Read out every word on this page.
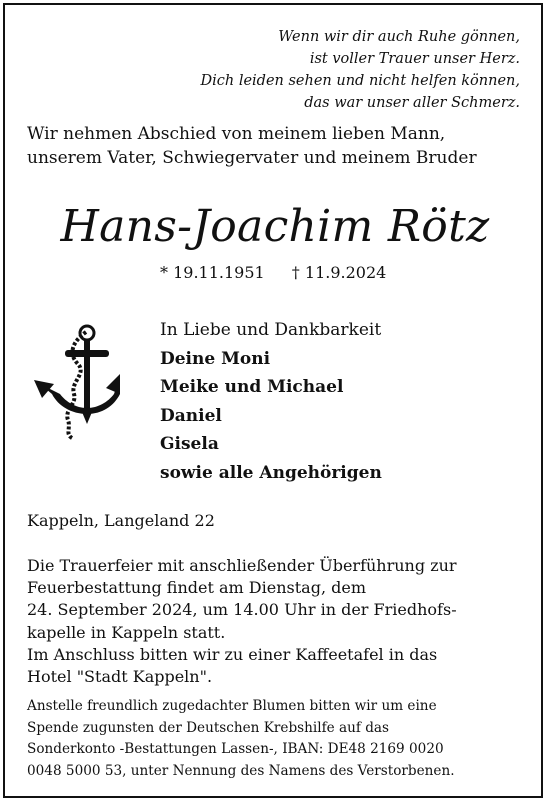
Wenn wir dir auch Ruhe gönnen,
ist voller Trauer unser Herz.
Dich leiden sehen und nicht helfen können,
das war unser aller Schmerz.
Wir nehmen Abschied von meinem lieben Mann,
unserem Vater, Schwiegervater und meinem Bruder
Hans-Joachim Rötz
* 19.11.1951 † 11.9.2024
In Liebe und Dankbarkeit
Deine Moni
Meike und Michael
Daniel
Gisela
sowie alle Angehörigen
Kappeln, Langeland 22
Die Trauerfeier mit anschließender Überführung zur
Feuerbestattung findet am Dienstag, dem
24. September 2024, um 14.00 Uhr in der Friedhofs-
kapelle in Kappeln statt.
Im Anschluss bitten wir zu einer Kaffeetafel in das
Hotel "Stadt Kappeln".
Anstelle freundlich zugedachter Blumen bitten wir um eine
Spende zugunsten der Deutschen Krebshilfe auf das
Sonderkonto -Bestattungen Lassen-, IBAN: DE48 2169 0020
0048 5000 53, unter Nennung des Namens des Verstorbenen.
